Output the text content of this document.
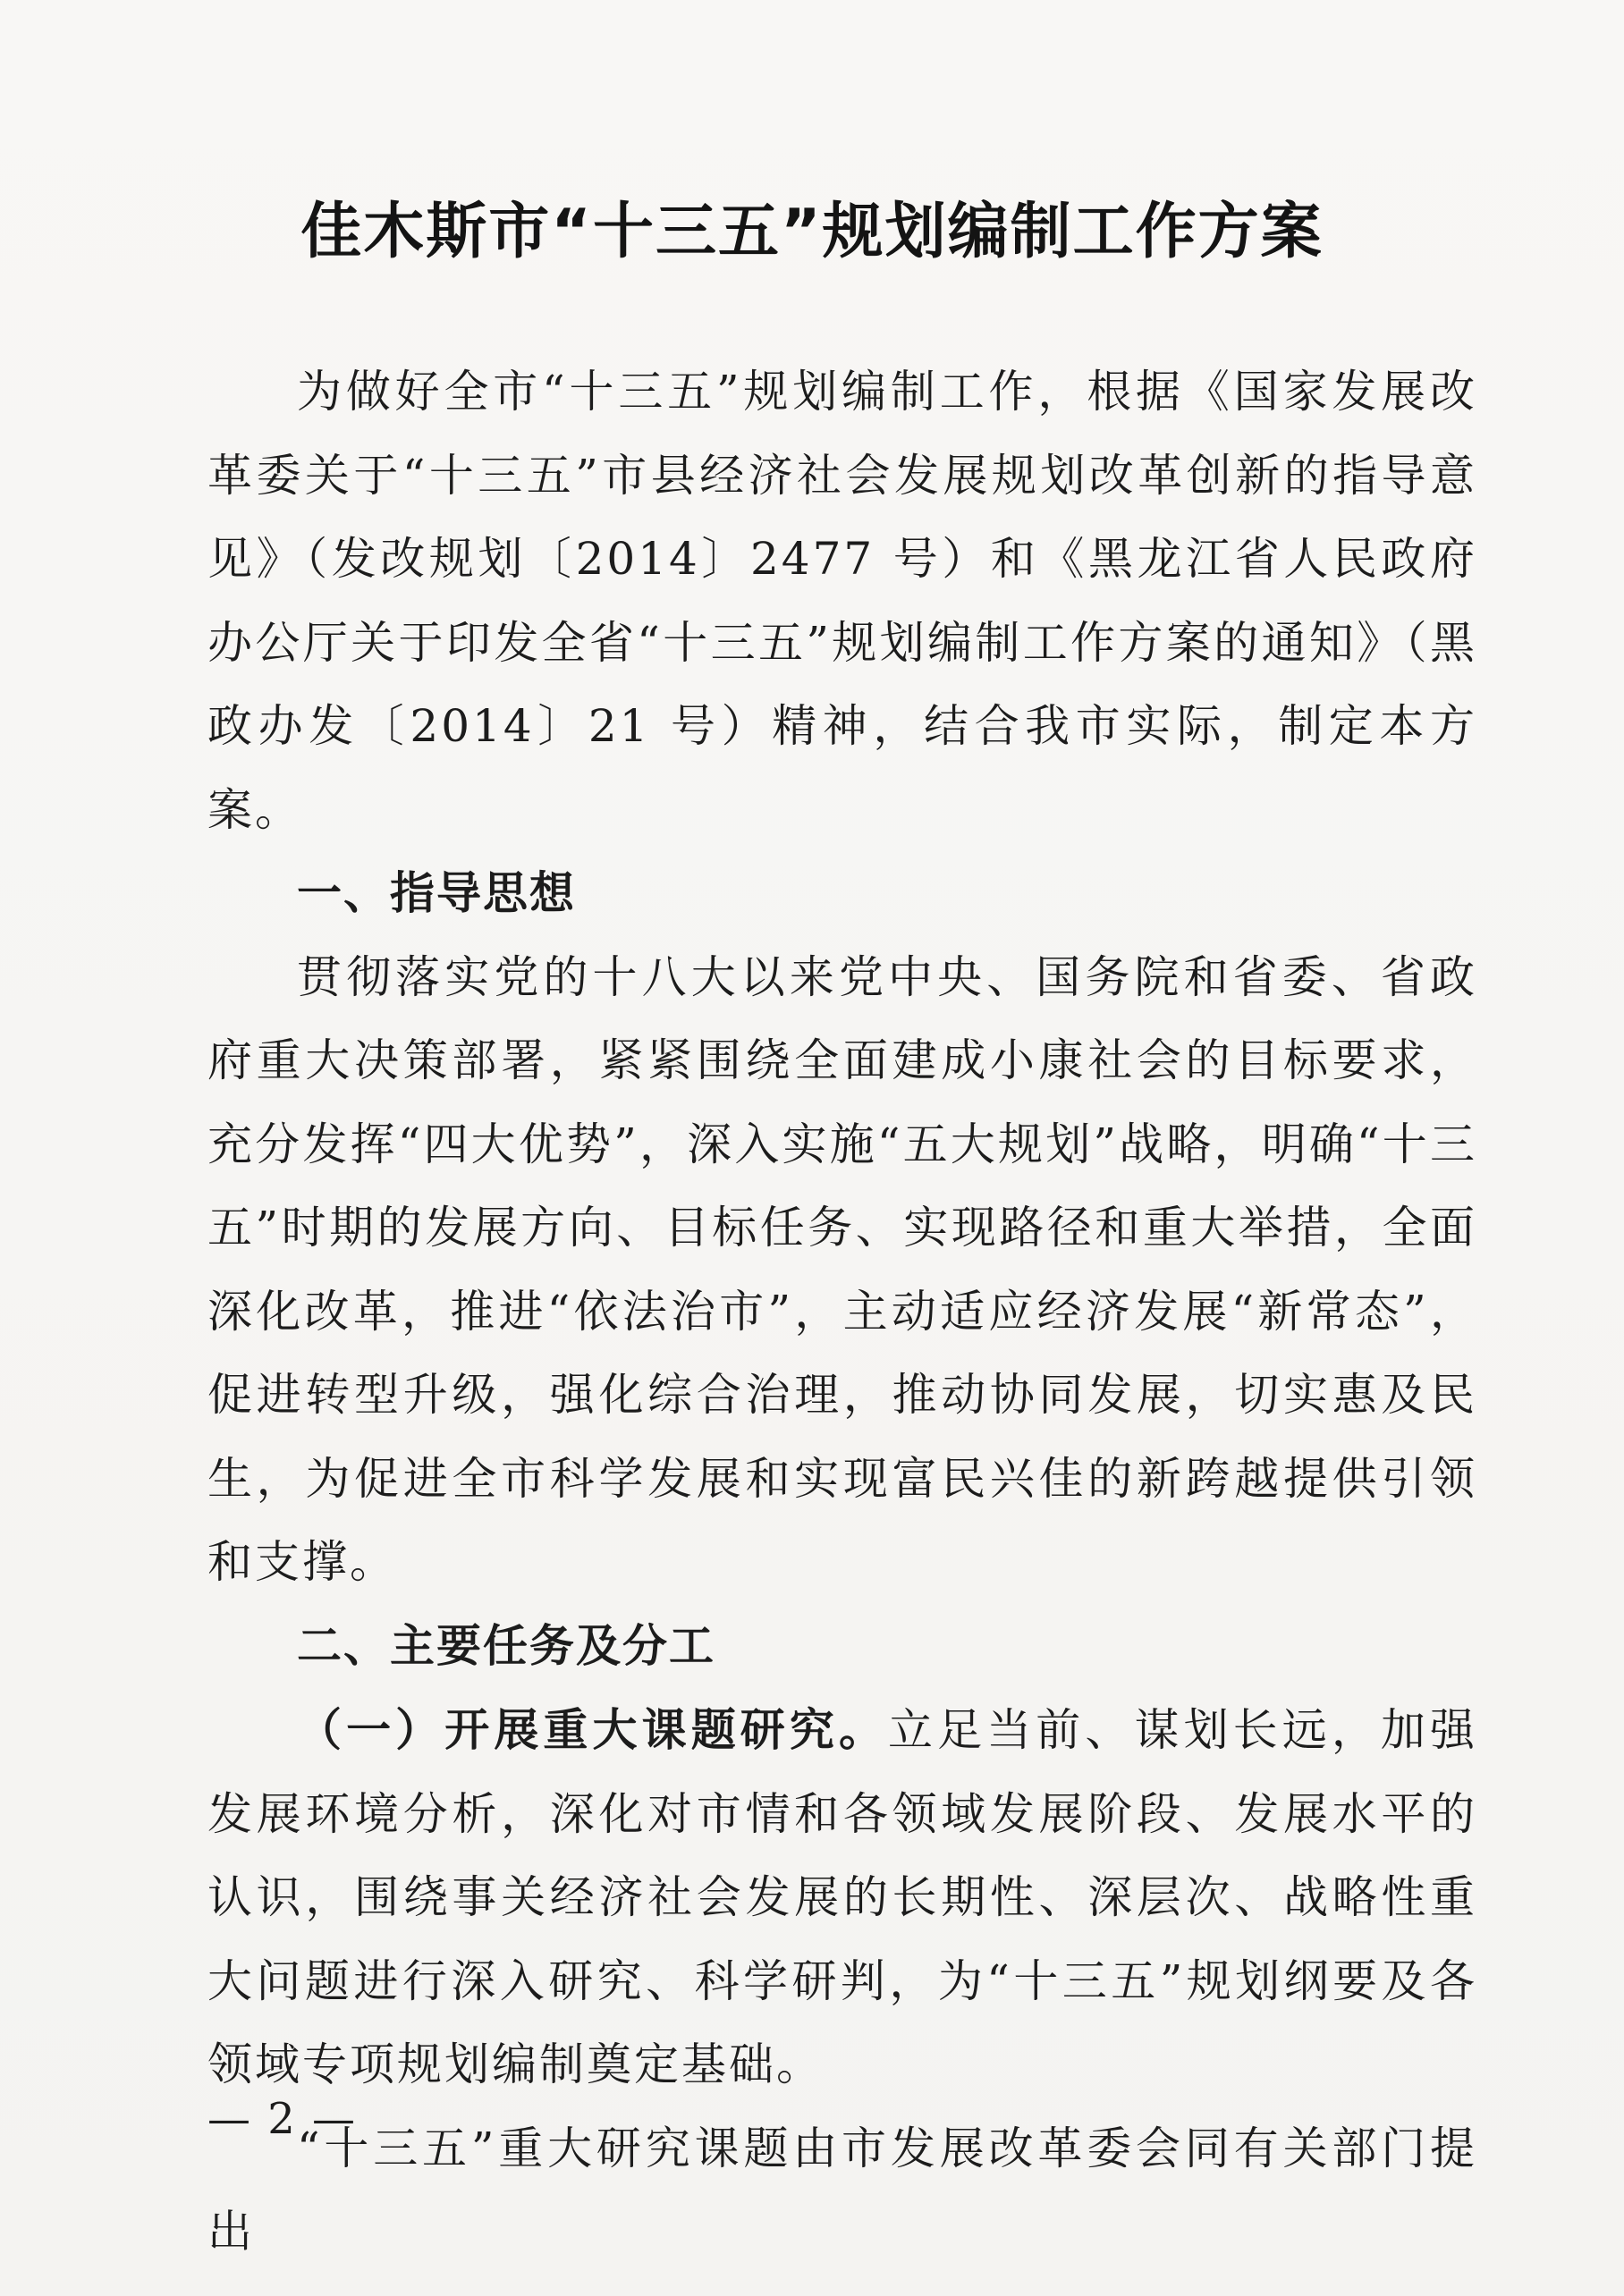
佳木斯市“十三五”规划编制工作方案

为做好全市“十三五”规划编制工作，根据《国家发展改革委关于“十三五”市县经济社会发展规划改革创新的指导意见》（发改规划〔2014〕2477 号）和《黑龙江省人民政府办公厅关于印发全省“十三五”规划编制工作方案的通知》（黑政办发〔2014〕21 号）精神，结合我市实际，制定本方案。

一、指导思想

贯彻落实党的十八大以来党中央、国务院和省委、省政府重大决策部署，紧紧围绕全面建成小康社会的目标要求，充分发挥“四大优势”，深入实施“五大规划”战略，明确“十三五”时期的发展方向、目标任务、实现路径和重大举措，全面深化改革，推进“依法治市”，主动适应经济发展“新常态”，促进转型升级，强化综合治理，推动协同发展，切实惠及民生，为促进全市科学发展和实现富民兴佳的新跨越提供引领和支撑。

二、主要任务及分工

（一）开展重大课题研究。立足当前、谋划长远，加强发展环境分析，深化对市情和各领域发展阶段、发展水平的认识，围绕事关经济社会发展的长期性、深层次、战略性重大问题进行深入研究、科学研判，为“十三五”规划纲要及各领域专项规划编制奠定基础。

“十三五”重大研究课题由市发展改革委会同有关部门提出

— 2 —
